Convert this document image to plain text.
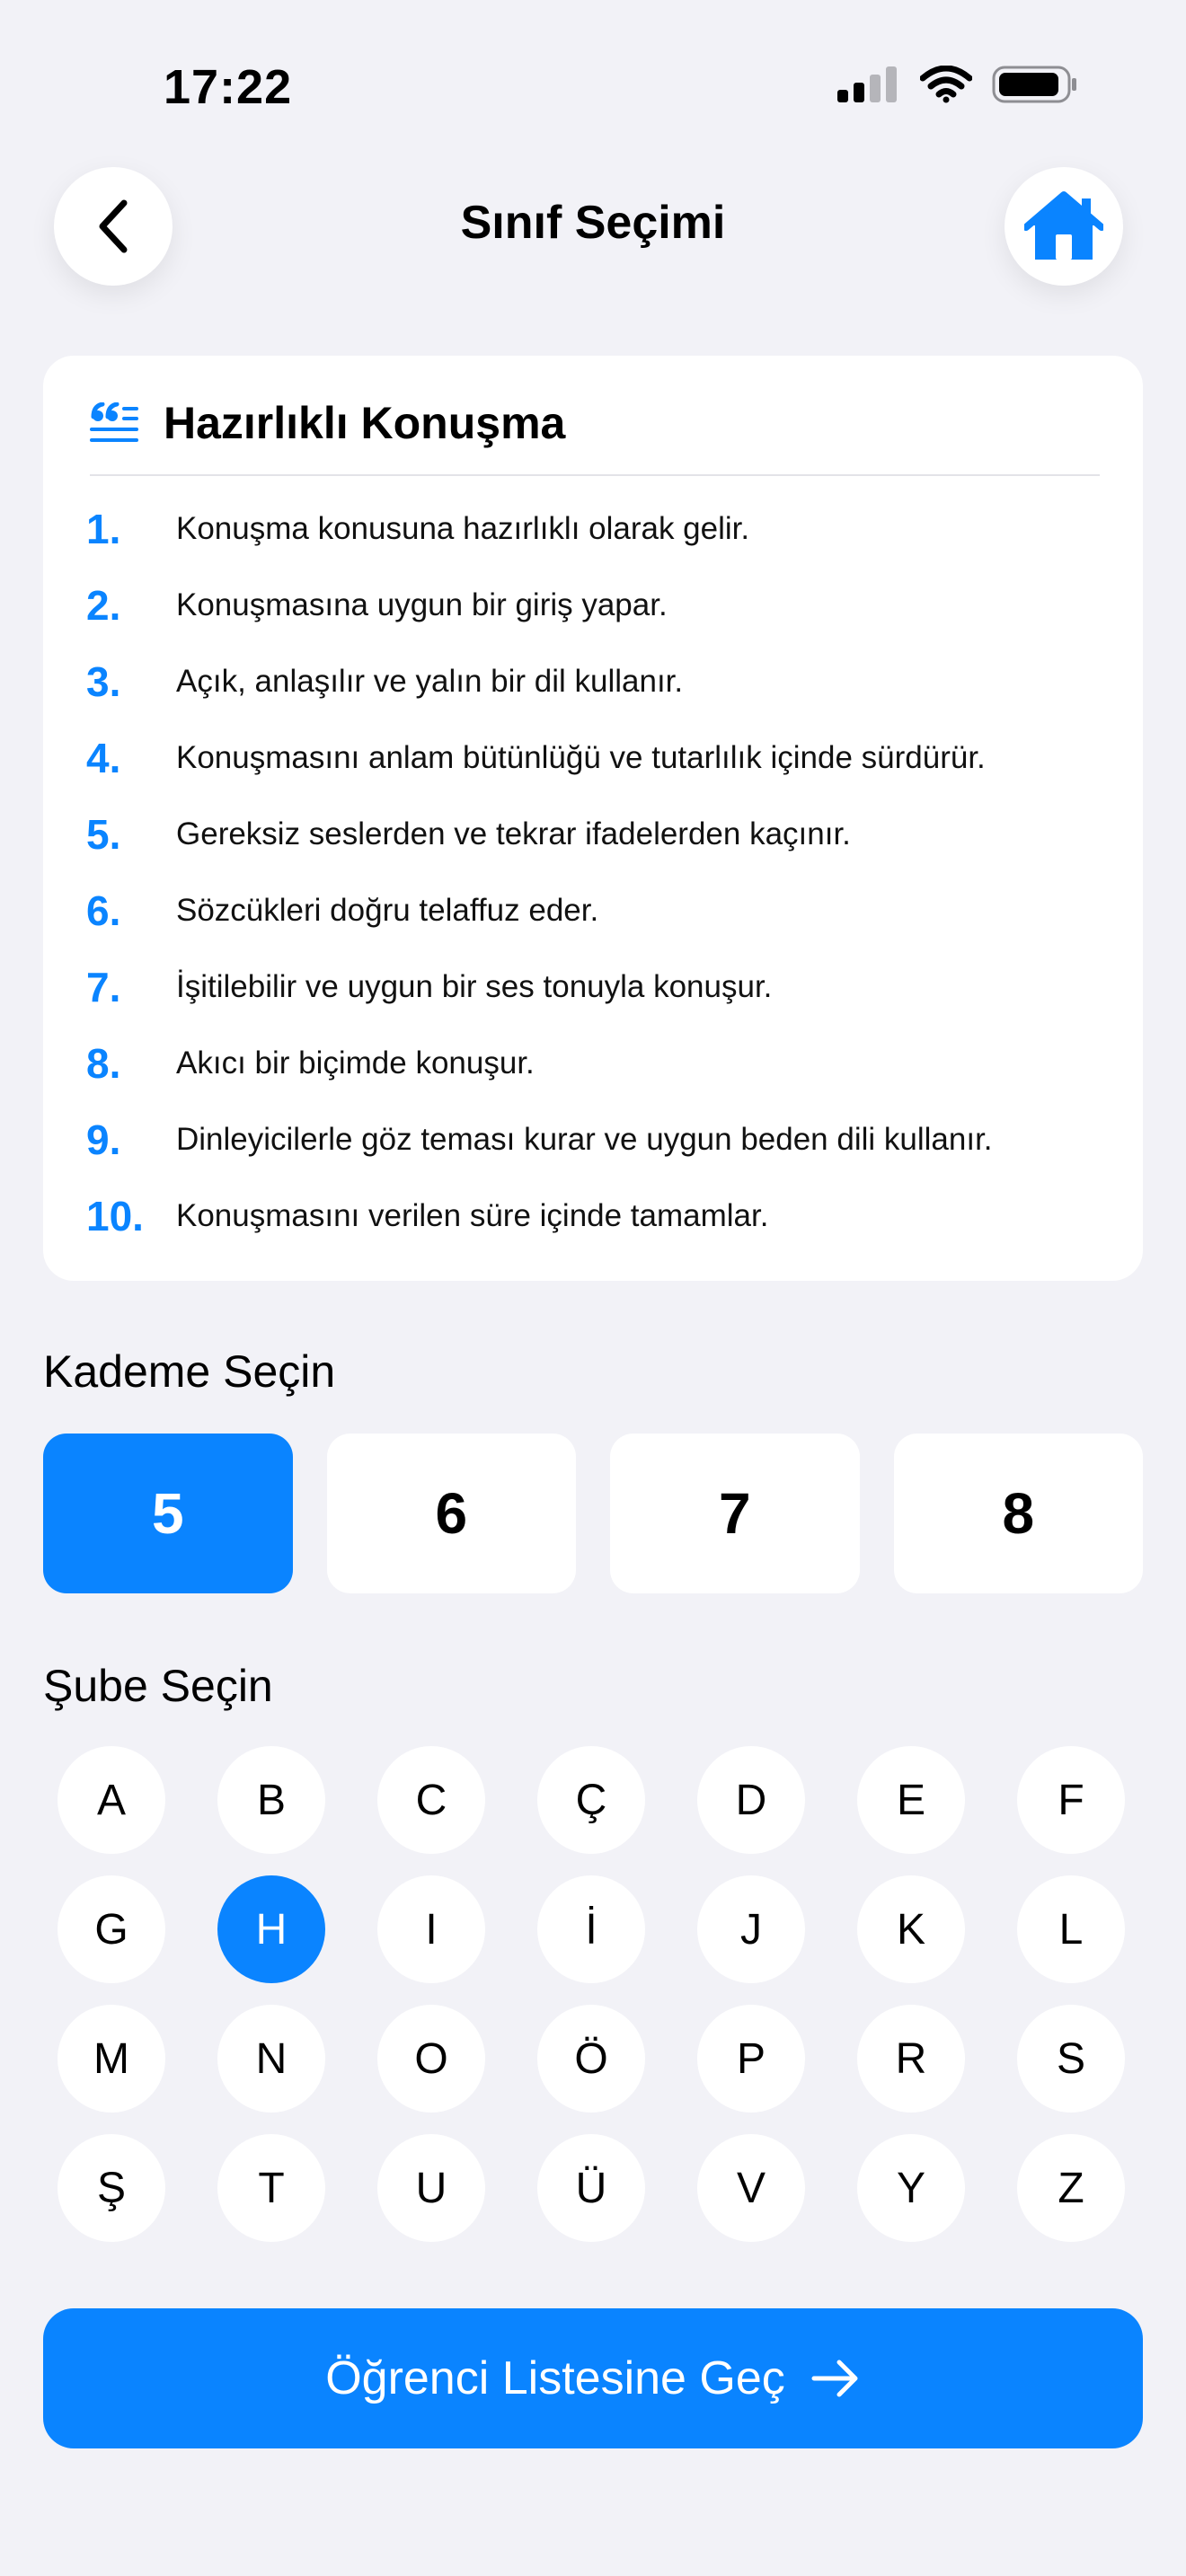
17:22
Sınıf Seçimi
Hazırlıklı Konuşma
1.	Konuşma konusuna hazırlıklı olarak gelir.
2.	Konuşmasına uygun bir giriş yapar.
3.	Açık, anlaşılır ve yalın bir dil kullanır.
4.	Konuşmasını anlam bütünlüğü ve tutarlılık içinde sürdürür.
5.	Gereksiz seslerden ve tekrar ifadelerden kaçınır.
6.	Sözcükleri doğru telaffuz eder.
7.	İşitilebilir ve uygun bir ses tonuyla konuşur.
8.	Akıcı bir biçimde konuşur.
9.	Dinleyicilerle göz teması kurar ve uygun beden dili kullanır.
10.	Konuşmasını verilen süre içinde tamamlar.
Kademe Seçin
5	6	7	8
Şube Seçin
A	B	C	Ç	D	E	F
G	H	I	İ	J	K	L
M	N	O	Ö	P	R	S
Ş	T	U	Ü	V	Y	Z
Öğrenci Listesine Geç
